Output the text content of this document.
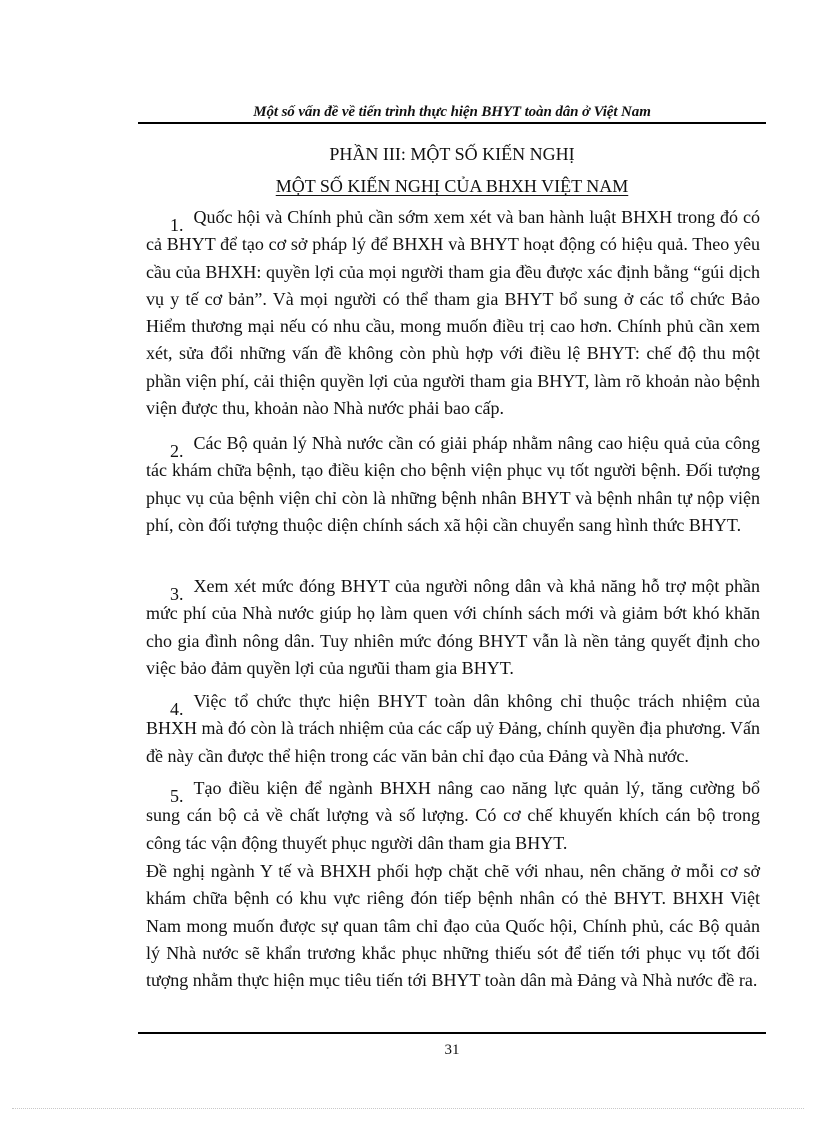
Một số vấn đề về tiến trình thực hiện BHYT toàn dân ở Việt Nam
PHẦN III: MỘT SỐ KIẾN NGHỊ
MỘT SỐ KIẾN NGHỊ CỦA BHXH VIỆT NAM

1. Quốc hội và Chính phủ cần sớm xem xét và ban hành luật BHXH trong đó có cả BHYT để tạo cơ sở pháp lý để BHXH và BHYT hoạt động có hiệu quả. Theo yêu cầu của BHXH: quyền lợi của mọi người tham gia đều được xác định bằng “gúi dịch vụ y tế cơ bản”. Và mọi người có thể tham gia BHYT bổ sung ở các tổ chức Bảo Hiểm thương mại nếu có nhu cầu, mong muốn điều trị cao hơn. Chính phủ cần xem xét, sửa đổi những vấn đề không còn phù hợp với điều lệ BHYT: chế độ thu một phần viện phí, cải thiện quyền lợi của người tham gia BHYT, làm rõ khoản nào bệnh viện được thu, khoản nào Nhà nước phải bao cấp.

2. Các Bộ quản lý Nhà nước cần có giải pháp nhằm nâng cao hiệu quả của công tác khám chữa bệnh, tạo điều kiện cho bệnh viện phục vụ tốt người bệnh. Đối tượng phục vụ của bệnh viện chỉ còn là những bệnh nhân BHYT và bệnh nhân tự nộp viện phí, còn đối tượng thuộc diện chính sách xã hội cần chuyển sang hình thức BHYT.

3. Xem xét mức đóng BHYT của người nông dân và khả năng hỗ trợ một phần mức phí của Nhà nước giúp họ làm quen với chính sách mới và giảm bớt khó khăn cho gia đình nông dân. Tuy nhiên mức đóng BHYT vẫn là nền tảng quyết định cho việc bảo đảm quyền lợi của ngưũi tham gia BHYT.

4. Việc tổ chức thực hiện BHYT toàn dân không chỉ thuộc trách nhiệm của BHXH mà đó còn là trách nhiệm của các cấp uỷ Đảng, chính quyền địa phương. Vấn đề này cần được thể hiện trong các văn bản chỉ đạo của Đảng và Nhà nước.

5. Tạo điều kiện để ngành BHXH nâng cao năng lực quản lý, tăng cường bổ sung cán bộ cả về chất lượng và số lượng. Có cơ chế khuyến khích cán bộ trong công tác vận động thuyết phục người dân tham gia BHYT.

Đề nghị ngành Y tế và BHXH phối hợp chặt chẽ với nhau, nên chăng ở mỗi cơ sở khám chữa bệnh có khu vực riêng đón tiếp bệnh nhân có thẻ BHYT. BHXH Việt Nam mong muốn được sự quan tâm chỉ đạo của Quốc hội, Chính phủ, các Bộ quản lý Nhà nước sẽ khẩn trương khắc phục những thiếu sót để tiến tới phục vụ tốt đối tượng nhằm thực hiện mục tiêu tiến tới BHYT toàn dân mà Đảng và Nhà nước đề ra.

31
